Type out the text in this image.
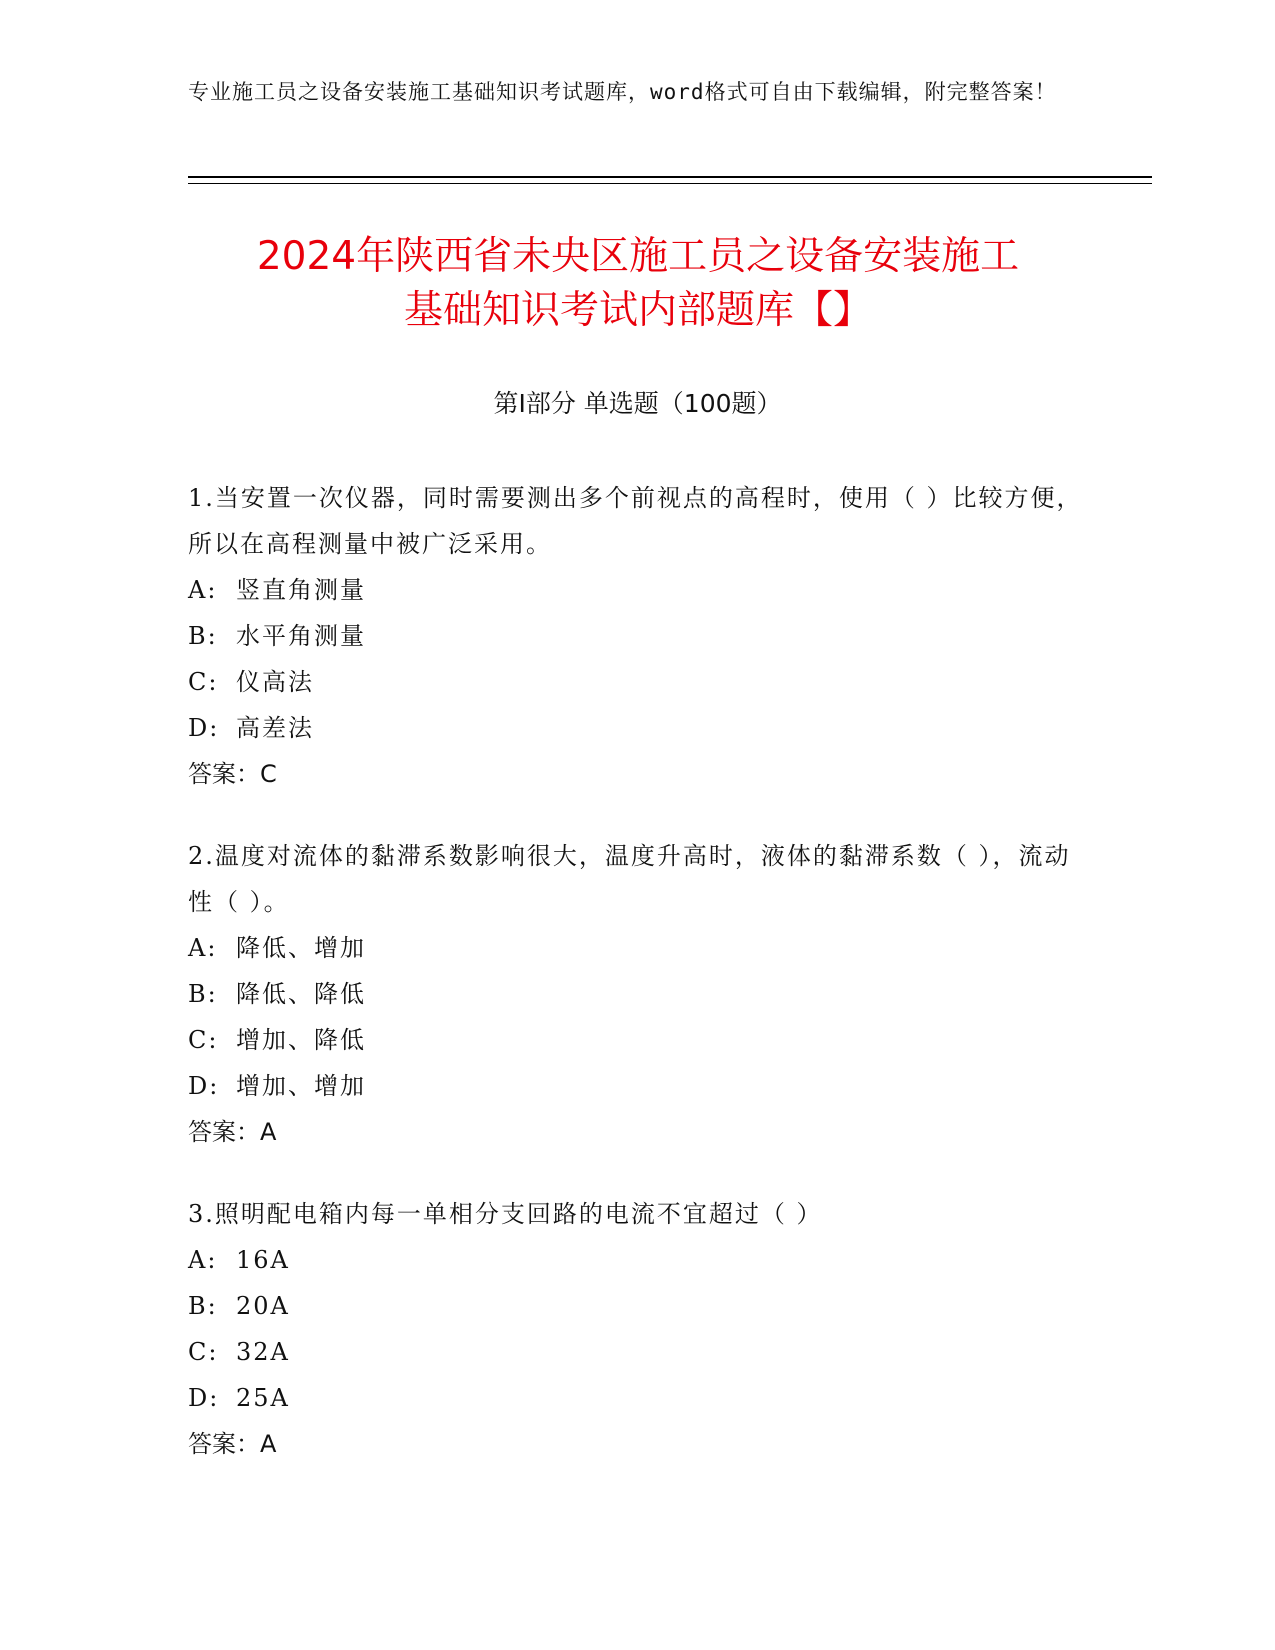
专业施工员之设备安装施工基础知识考试题库，word格式可自由下载编辑，附完整答案！
2024年陕西省未央区施工员之设备安装施工
基础知识考试内部题库【】
第Ⅰ部分 单选题（100题）
1.当安置一次仪器，同时需要测出多个前视点的高程时，使用（ ）比较方便，所以在高程测量中被广泛采用。
A: 竖直角测量
B: 水平角测量
C: 仪高法
D: 高差法
答案：C
2.温度对流体的黏滞系数影响很大，温度升高时，液体的黏滞系数（ ），流动性（ ）。
A: 降低、增加
B: 降低、降低
C: 增加、降低
D: 增加、增加
答案：A
3.照明配电箱内每一单相分支回路的电流不宜超过（ ）
A: 16A
B: 20A
C: 32A
D: 25A
答案：A
